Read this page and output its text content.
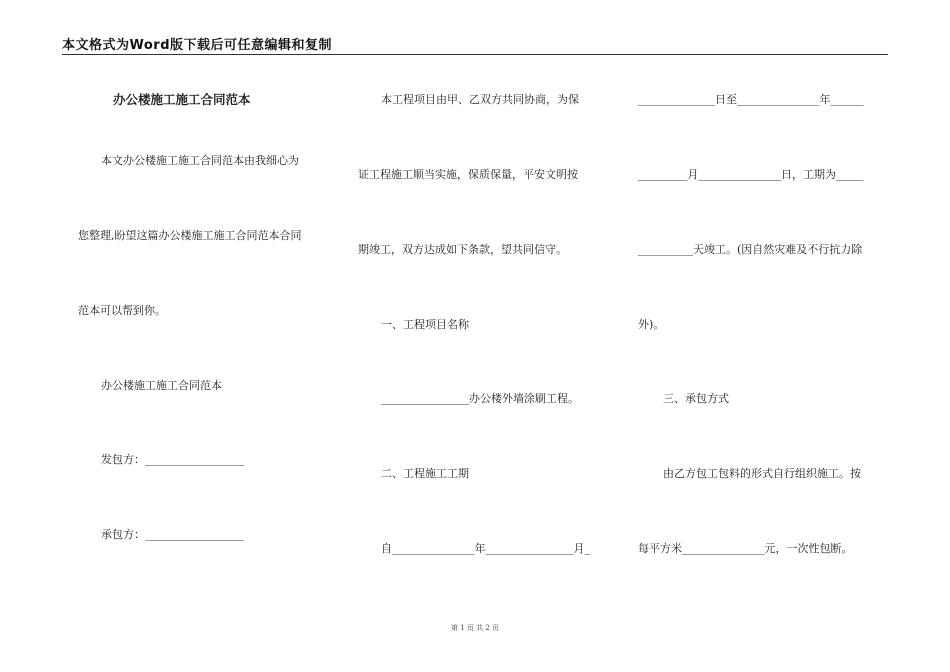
本文格式为Word版下载后可任意编辑和复制
办公楼施工施工合同范本
本文办公楼施工施工合同范本由我细心为
您整理,盼望这篇办公楼施工施工合同范本合同
范本可以帮到你。
办公楼施工施工合同范本
发包方：__________________
承包方：__________________
本工程项目由甲、乙双方共同协商，为保
证工程施工顺当实施，保质保量，平安文明按
期竣工，双方达成如下条款，望共同信守。
一、工程项目名称
________________办公楼外墙涂刷工程。
二、工程施工工期
自_______________年________________月_
______________日至_______________年______
_________月_______________日，工期为_____
__________天竣工。(因自然灾难及不行抗力除
外)。
三、承包方式
由乙方包工包料的形式自行组织施工。按
每平方米_______________元，一次性包断。
第 1 页 共 2 页
